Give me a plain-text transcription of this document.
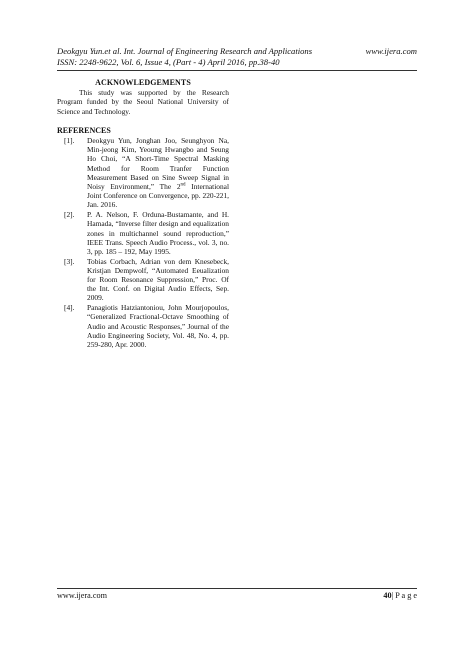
Deokgyu Yun.et al. Int. Journal of Engineering Research and Applications	www.ijera.com
ISSN: 2248-9622, Vol. 6, Issue 4, (Part - 4) April 2016, pp.38-40

ACKNOWLEDGEMENTS

This study was supported by the Research Program funded by the Seoul National University of Science and Technology.

REFERENCES

[1].	Deokgyu Yun, Jonghan Joo, Seunghyon Na, Min-jeong Kim, Yeoung Hwangbo and Seung Ho Choi, “A Short-Time Spectral Masking Method for Room Tranfer Function Measurement Based on Sine Sweep Signal in Noisy Environment,” The 2nd International Joint Conference on Convergence, pp. 220-221, Jan. 2016.
[2].	P. A. Nelson, F. Orduna-Bustamante, and H. Hamada, “Inverse filter design and equalization zones in multichannel sound reproduction,” IEEE Trans. Speech Audio Process., vol. 3, no. 3, pp. 185 – 192, May 1995.
[3].	Tobias Corbach, Adrian von dem Knesebeck, Kristjan Dempwolf, “Automated Eeualization for Room Resonance Suppression,” Proc. Of the Int. Conf. on Digital Audio Effects, Sep. 2009.
[4].	Panagiotis Hatziantoniou, John Mourjopoulos, “Generalized Fractional-Octave Smoothing of Audio and Acoustic Responses,” Journal of the Audio Engineering Society, Vol. 48, No. 4, pp. 259-280, Apr. 2000.
www.ijera.com	40 | P a g e
